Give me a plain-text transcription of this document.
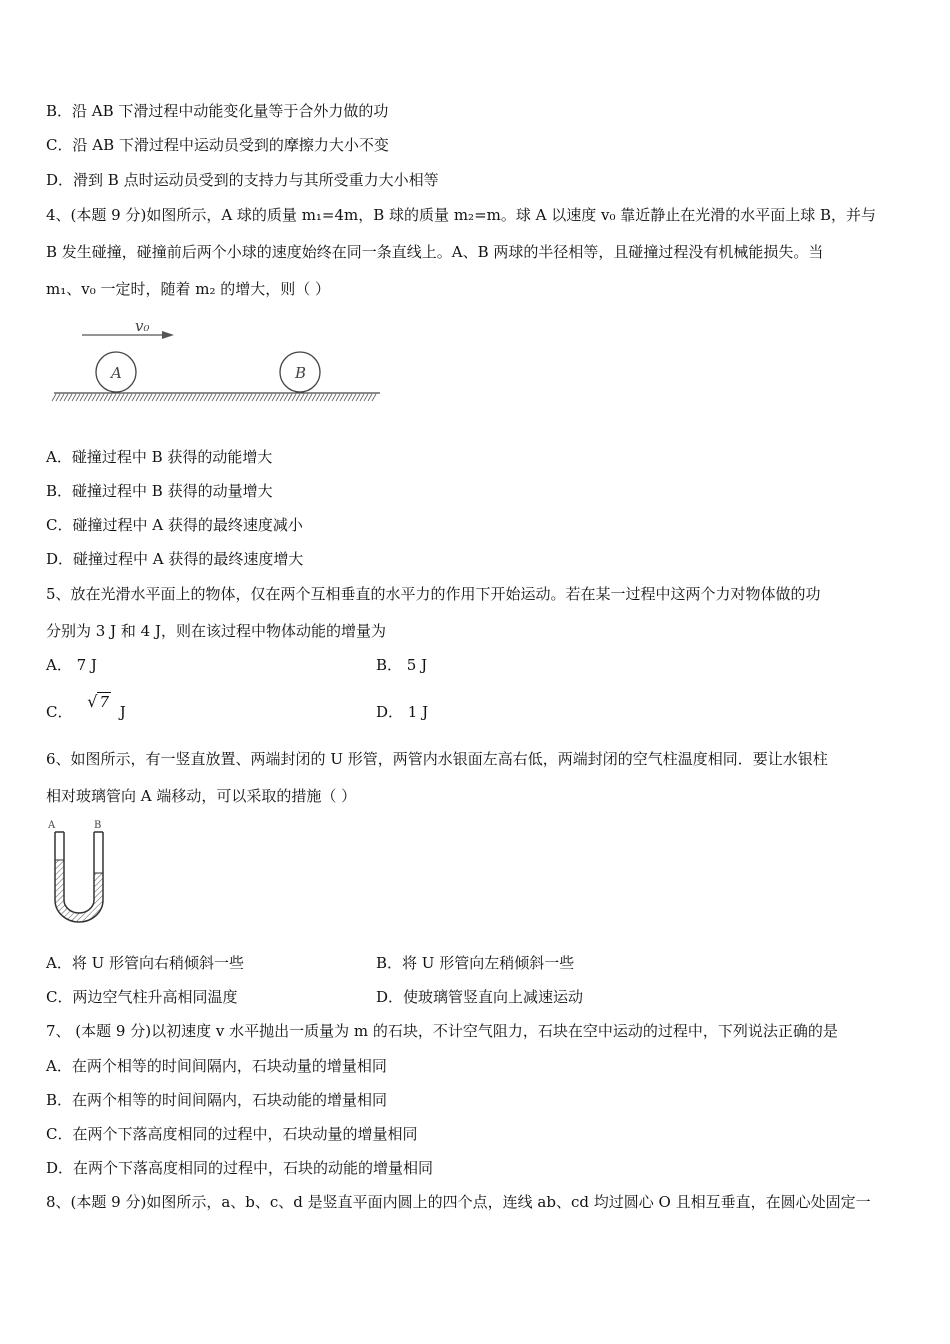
B．沿 AB 下滑过程中动能变化量等于合外力做的功
C．沿 AB 下滑过程中运动员受到的摩擦力大小不变
D．滑到 B 点时运动员受到的支持力与其所受重力大小相等
4、(本题 9 分)如图所示，A 球的质量 m₁=4m，B 球的质量 m₂=m。球 A 以速度 v₀ 靠近静止在光滑的水平面上球 B，并与
B 发生碰撞，碰撞前后两个小球的速度始终在同一条直线上。A、B 两球的半径相等，且碰撞过程没有机械能损失。当
m₁、v₀ 一定时，随着 m₂ 的增大，则（ ）
v₀
A	B
A．碰撞过程中 B 获得的动能增大
B．碰撞过程中 B 获得的动量增大
C．碰撞过程中 A 获得的最终速度减小
D．碰撞过程中 A 获得的最终速度增大
5、放在光滑水平面上的物体，仅在两个互相垂直的水平力的作用下开始运动。若在某一过程中这两个力对物体做的功
分别为 3 J 和 4 J，则在该过程中物体动能的增量为
A． 7 J	B． 5 J
C． √ 7 J	D． 1 J
6、如图所示，有一竖直放置、两端封闭的 U 形管，两管内水银面左高右低，两端封闭的空气柱温度相同．要让水银柱
相对玻璃管向 A 端移动，可以采取的措施（ ）
A	B
A．将 U 形管向右稍倾斜一些	B．将 U 形管向左稍倾斜一些
C．两边空气柱升高相同温度	D．使玻璃管竖直向上减速运动
7、 (本题 9 分)以初速度 v 水平抛出一质量为 m 的石块，不计空气阻力，石块在空中运动的过程中，下列说法正确的是
A．在两个相等的时间间隔内，石块动量的增量相同
B．在两个相等的时间间隔内，石块动能的增量相同
C．在两个下落高度相同的过程中，石块动量的增量相同
D．在两个下落高度相同的过程中，石块的动能的增量相同
8、(本题 9 分)如图所示，a、b、c、d 是竖直平面内圆上的四个点，连线 ab、cd 均过圆心 O 且相互垂直，在圆心处固定一
